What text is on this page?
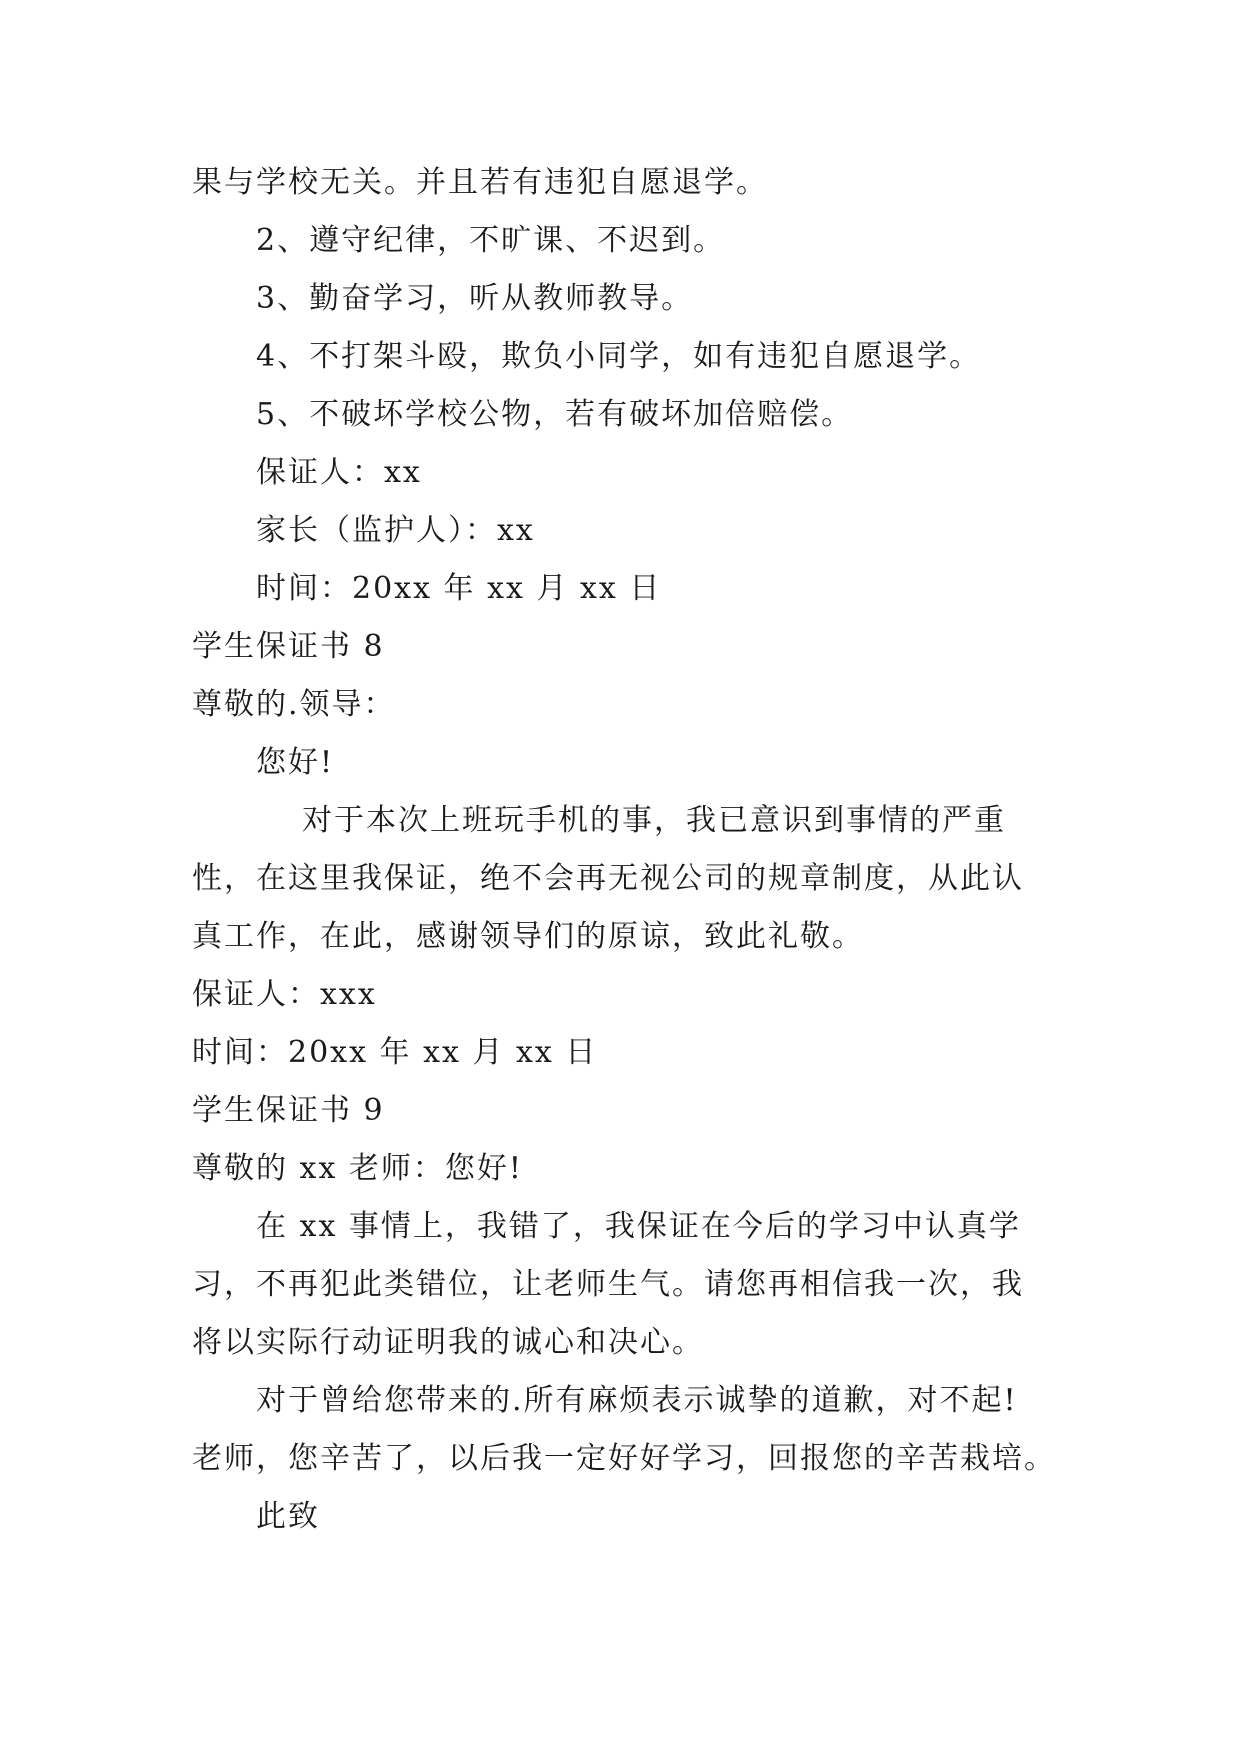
果与学校无关。并且若有违犯自愿退学。
2、遵守纪律，不旷课、不迟到。
3、勤奋学习，听从教师教导。
4、不打架斗殴，欺负小同学，如有违犯自愿退学。
5、不破坏学校公物，若有破坏加倍赔偿。
保证人：xx
家长（监护人）：xx
时间：20xx 年 xx 月 xx 日
学生保证书 8
尊敬的.领导：
您好!
对于本次上班玩手机的事，我已意识到事情的严重
性，在这里我保证，绝不会再无视公司的规章制度，从此认
真工作，在此，感谢领导们的原谅，致此礼敬。
保证人：xxx
时间：20xx 年 xx 月 xx 日
学生保证书 9
尊敬的 xx 老师：您好!
在 xx 事情上，我错了，我保证在今后的学习中认真学
习，不再犯此类错位，让老师生气。请您再相信我一次，我
将以实际行动证明我的诚心和决心。
对于曾给您带来的.所有麻烦表示诚挚的道歉，对不起!
老师，您辛苦了，以后我一定好好学习，回报您的辛苦栽培。
此致
